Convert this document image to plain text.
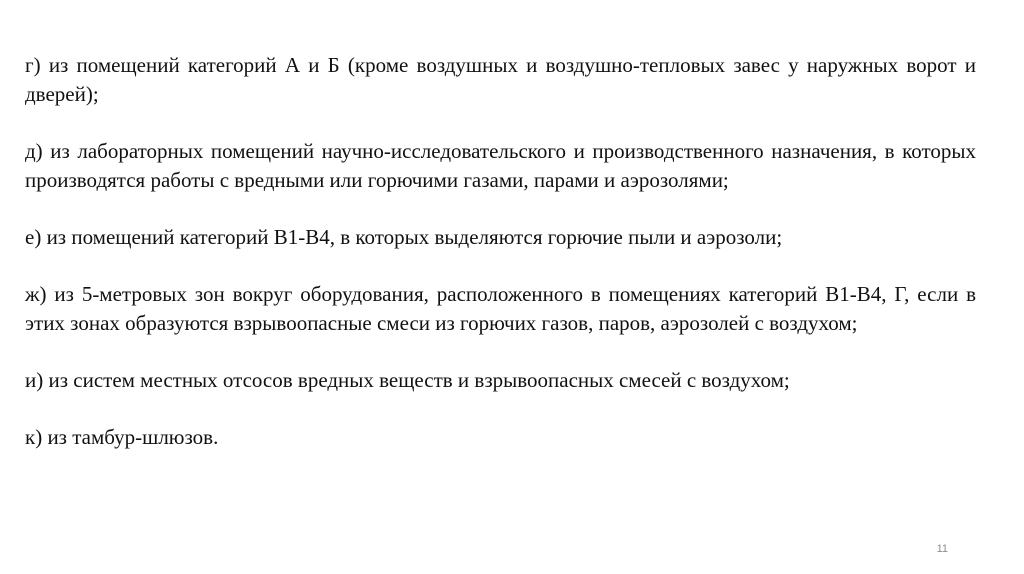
г) из помещений категорий А и Б (кроме воздушных и воздушно-тепловых завес у наружных ворот и дверей);

д) из лабораторных помещений научно-исследовательского и производственного назначения, в которых производятся работы с вредными или горючими газами, парами и аэрозолями;

е) из помещений категорий В1-В4, в которых выделяются горючие пыли и аэрозоли;

ж) из 5-метровых зон вокруг оборудования, расположенного в помещениях категорий В1-В4, Г, если в этих зонах образуются взрывоопасные смеси из горючих газов, паров, аэрозолей с воздухом;

и) из систем местных отсосов вредных веществ и взрывоопасных смесей с воздухом;

к) из тамбур-шлюзов.

11
